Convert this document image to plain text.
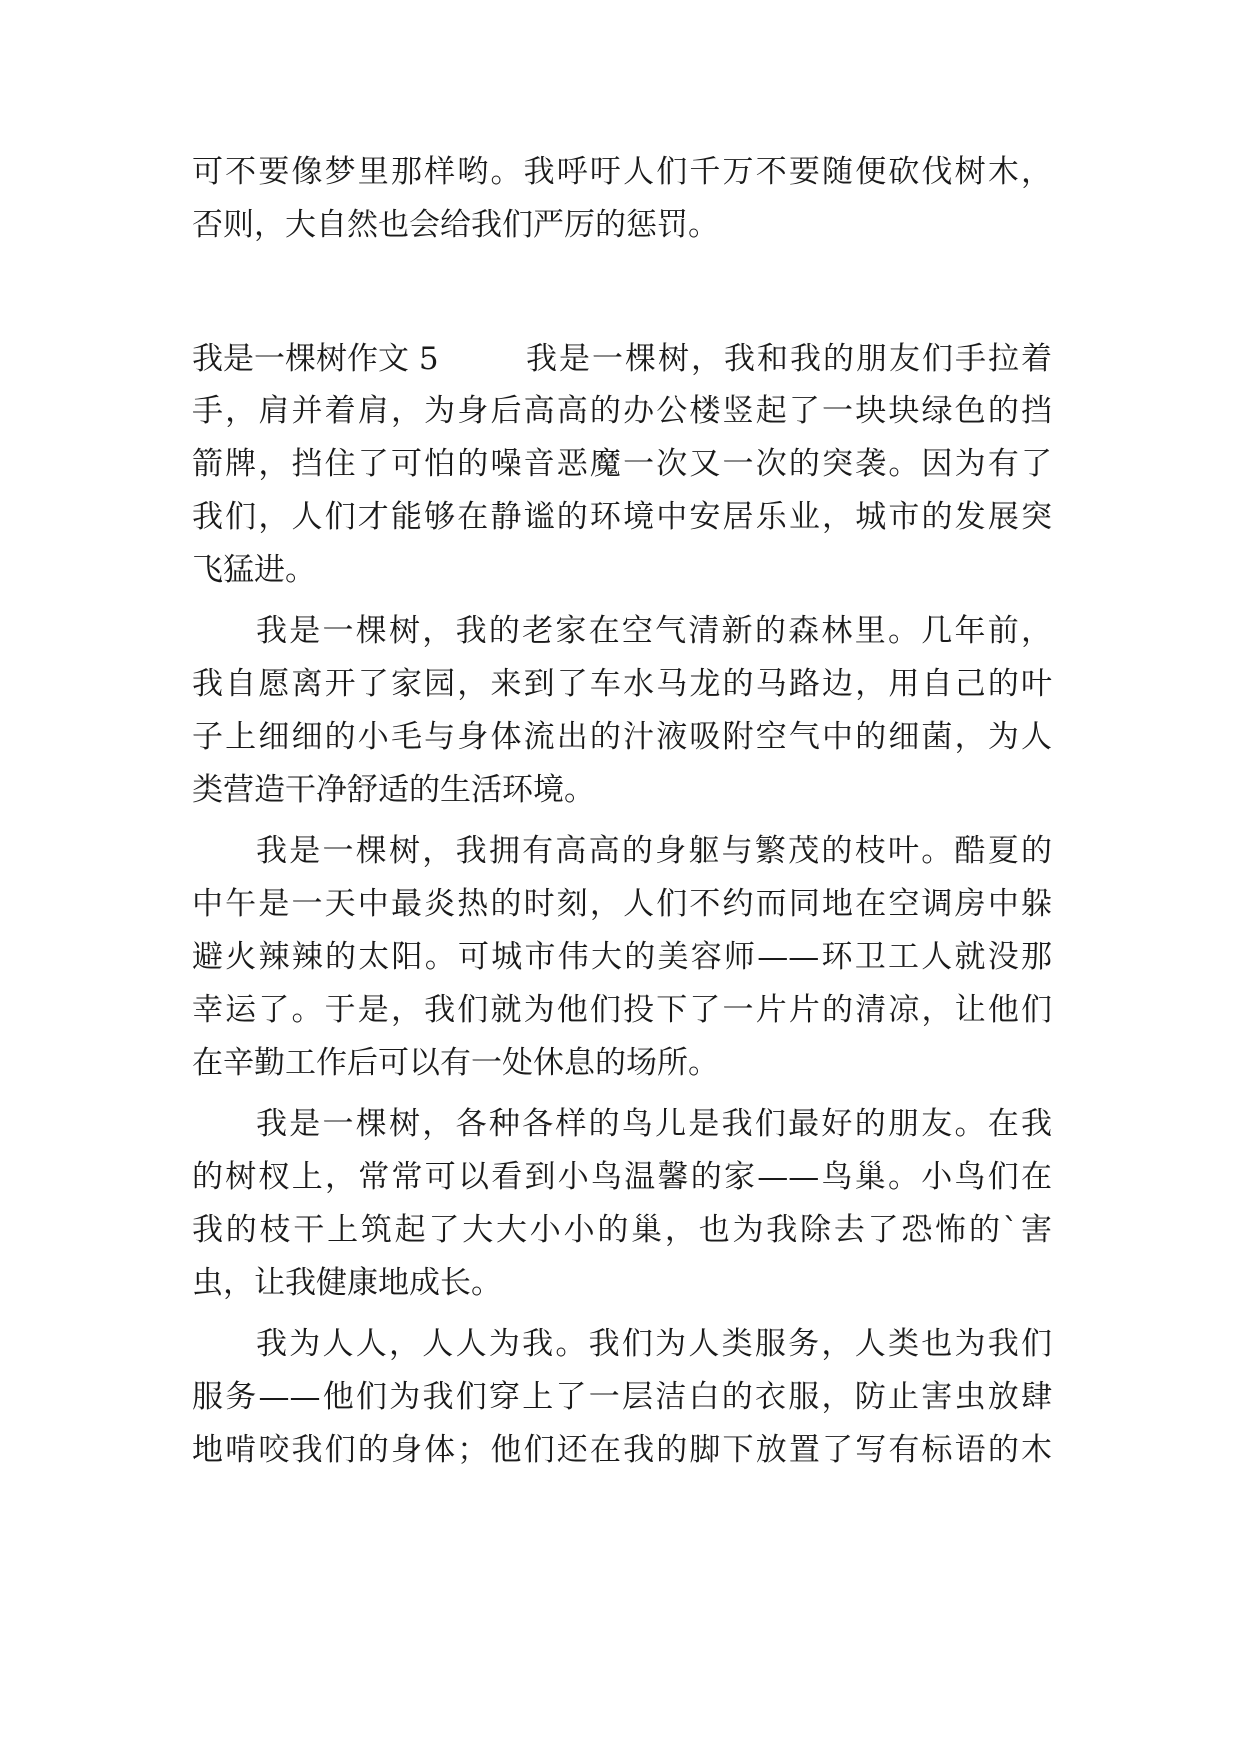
可不要像梦里那样哟。我呼吁人们千万不要随便砍伐树木，
否则，大自然也会给我们严厉的惩罚。
我是一棵树作文 5	我是一棵树，我和我的朋友们手拉着
手，肩并着肩，为身后高高的办公楼竖起了一块块绿色的挡
箭牌，挡住了可怕的噪音恶魔一次又一次的突袭。因为有了
我们，人们才能够在静谧的环境中安居乐业，城市的发展突
飞猛进。
我是一棵树，我的老家在空气清新的森林里。几年前，
我自愿离开了家园，来到了车水马龙的马路边，用自己的叶
子上细细的小毛与身体流出的汁液吸附空气中的细菌，为人
类营造干净舒适的生活环境。
我是一棵树，我拥有高高的身躯与繁茂的枝叶。酷夏的
中午是一天中最炎热的时刻，人们不约而同地在空调房中躲
避火辣辣的太阳。可城市伟大的美容师——环卫工人就没那
幸运了。于是，我们就为他们投下了一片片的清凉，让他们
在辛勤工作后可以有一处休息的场所。
我是一棵树，各种各样的鸟儿是我们最好的朋友。在我
的树杈上，常常可以看到小鸟温馨的家——鸟巢。小鸟们在
我的枝干上筑起了大大小小的巢，也为我除去了恐怖的`害
虫，让我健康地成长。
我为人人，人人为我。我们为人类服务，人类也为我们
服务——他们为我们穿上了一层洁白的衣服，防止害虫放肆
地啃咬我们的身体；他们还在我的脚下放置了写有标语的木
